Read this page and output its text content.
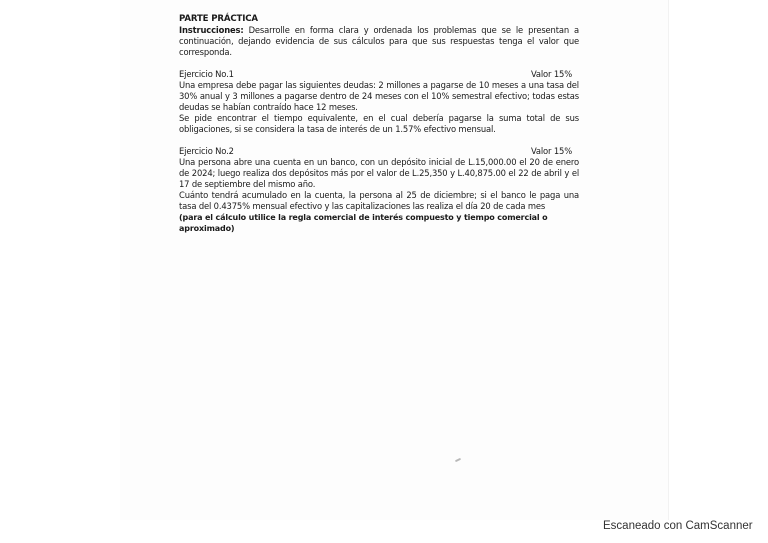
PARTE PRÁCTICA

Instrucciones: Desarrolle en forma clara y ordenada los problemas que se le presentan a continuación, dejando evidencia de sus cálculos para que sus respuestas tenga el valor que corresponda.

Ejercicio No.1	Valor 15%

Una empresa debe pagar las siguientes deudas: 2 millones a pagarse de 10 meses a una tasa del 30% anual y 3 millones a pagarse dentro de 24 meses con el 10% semestral efectivo; todas estas deudas se habían contraído hace 12 meses.

Se pide encontrar el tiempo equivalente, en el cual debería pagarse la suma total de sus obligaciones, si se considera la tasa de interés de un 1.57% efectivo mensual.

Ejercicio No.2	Valor 15%

Una persona abre una cuenta en un banco, con un depósito inicial de L.15,000.00 el 20 de enero de 2024; luego realiza dos depósitos más por el valor de L.25,350 y L.40,875.00 el 22 de abril y el 17 de septiembre del mismo año.

Cuánto tendrá acumulado en la cuenta, la persona al 25 de diciembre; si el banco le paga una tasa del 0.4375% mensual efectivo y las capitalizaciones las realiza el día 20 de cada mes

(para el cálculo utilice la regla comercial de interés compuesto y tiempo comercial o aproximado)

Escaneado con CamScanner
